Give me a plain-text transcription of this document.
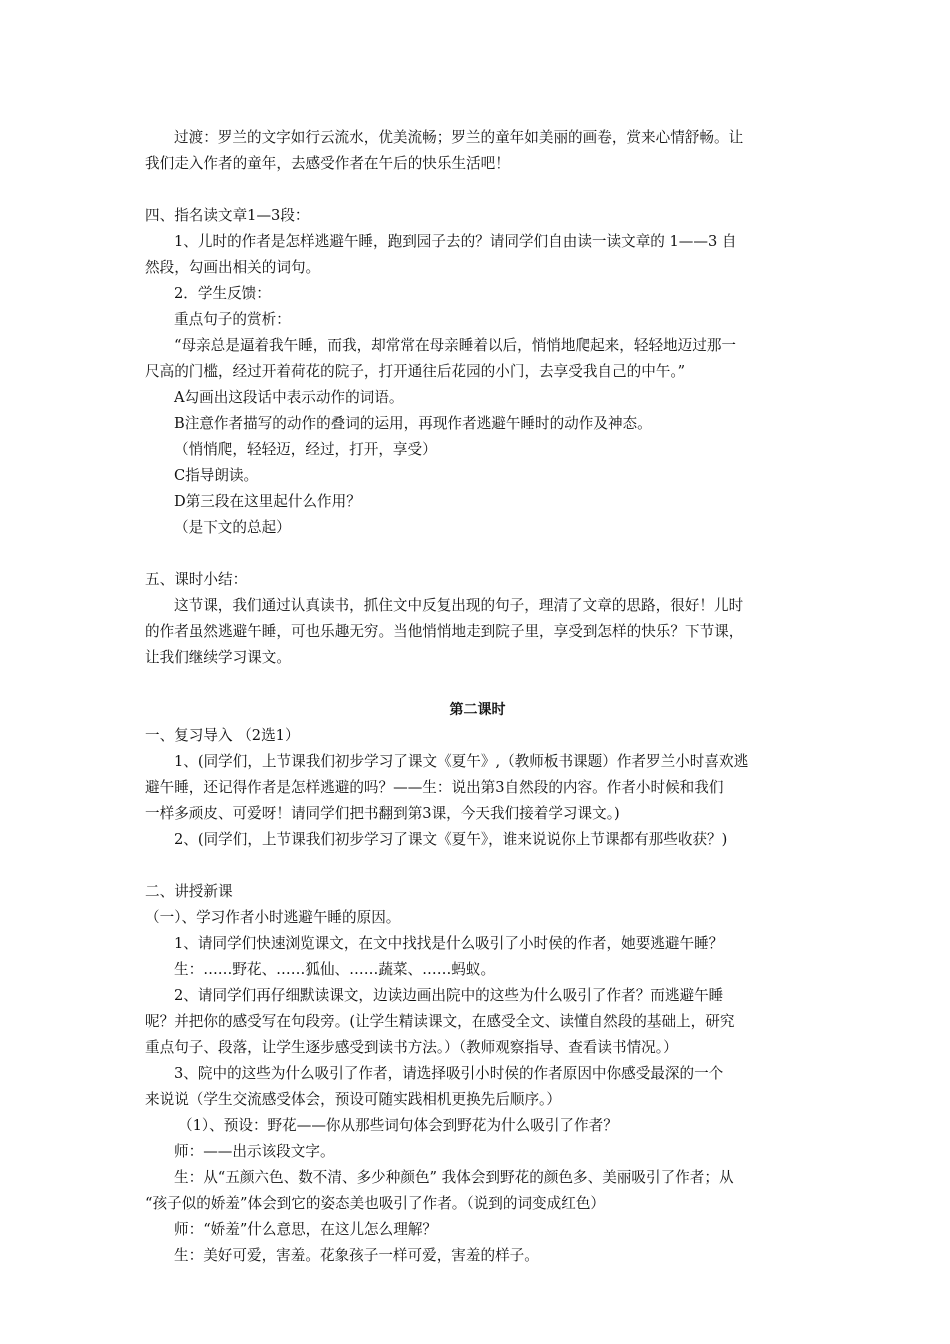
过渡：罗兰的文字如行云流水，优美流畅；罗兰的童年如美丽的画卷，赏来心情舒畅。让

我们走入作者的童年，去感受作者在午后的快乐生活吧！

四、指名读文章1—3段：

1、儿时的作者是怎样逃避午睡，跑到园子去的？请同学们自由读一读文章的 1——3 自

然段，勾画出相关的词句。

2．学生反馈：

重点句子的赏析：

“母亲总是逼着我午睡，而我，却常常在母亲睡着以后，悄悄地爬起来，轻轻地迈过那一

尺高的门槛，经过开着荷花的院子，打开通往后花园的小门，去享受我自己的中午。”

A勾画出这段话中表示动作的词语。

B注意作者描写的动作的叠词的运用，再现作者逃避午睡时的动作及神态。

（悄悄爬，轻轻迈，经过，打开，享受）

C指导朗读。

D第三段在这里起什么作用？

（是下文的总起）

五、课时小结：

这节课，我们通过认真读书，抓住文中反复出现的句子，理清了文章的思路，很好！儿时

的作者虽然逃避午睡，可也乐趣无穷。当他悄悄地走到院子里，享受到怎样的快乐？下节课，

让我们继续学习课文。

第二课时

一、复习导入 （2选1）

1、(同学们，上节课我们初步学习了课文《夏午》,（教师板书课题）作者罗兰小时喜欢逃

避午睡，还记得作者是怎样逃避的吗？——生：说出第3自然段的内容。作者小时候和我们

一样多顽皮、可爱呀！请同学们把书翻到第3课，今天我们接着学习课文。)

2、(同学们，上节课我们初步学习了课文《夏午》，谁来说说你上节课都有那些收获？)

二、讲授新课

（一）、学习作者小时逃避午睡的原因。

1、请同学们快速浏览课文，在文中找找是什么吸引了小时侯的作者，她要逃避午睡？

生：……野花、……狐仙、……蔬菜、……蚂蚁。

2、请同学们再仔细默读课文，边读边画出院中的这些为什么吸引了作者？而逃避午睡

呢？并把你的感受写在句段旁。(让学生精读课文，在感受全文、读懂自然段的基础上，研究

重点句子、段落，让学生逐步感受到读书方法。）（教师观察指导、查看读书情况。）

3、院中的这些为什么吸引了作者，请选择吸引小时侯的作者原因中你感受最深的一个

来说说（学生交流感受体会，预设可随实践相机更换先后顺序。）

（1）、预设：野花——你从那些词句体会到野花为什么吸引了作者？

师：——出示该段文字。

生：从“五颜六色、数不清、多少种颜色” 我体会到野花的颜色多、美丽吸引了作者；从

“孩子似的娇羞”体会到它的姿态美也吸引了作者。（说到的词变成红色）

师：“娇羞”什么意思，在这儿怎么理解？

生：美好可爱，害羞。花象孩子一样可爱，害羞的样子。
